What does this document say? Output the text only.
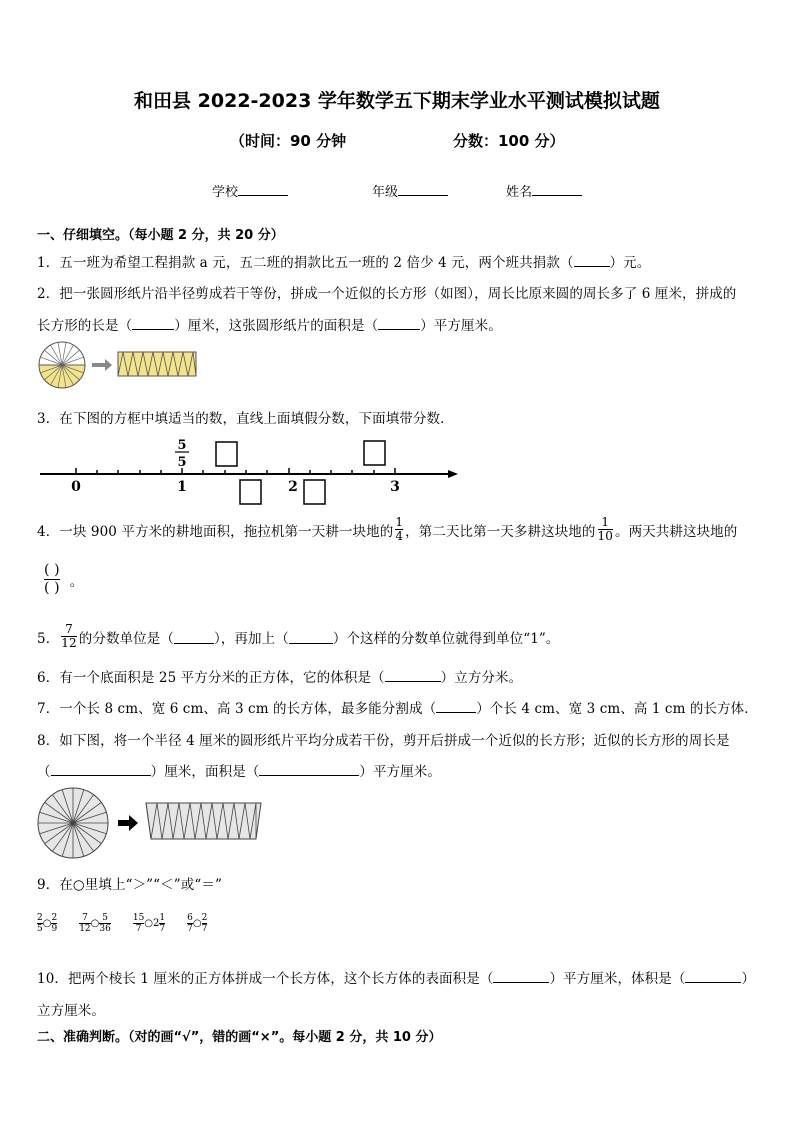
和田县 2022-2023 学年数学五下期末学业水平测试模拟试题
（时间：90 分钟	分数：100 分）
学校	年级	姓名
一、仔细填空。（每小题 2 分，共 20 分）
1．五一班为希望工程捐款 a 元，五二班的捐款比五一班的 2 倍少 4 元，两个班共捐款（	）元。
2．把一张圆形纸片沿半径剪成若干等份，拼成一个近似的长方形（如图），周长比原来圆的周长多了 6 厘米，拼成的
长方形的长是（	）厘米，这张圆形纸片的面积是（	）平方厘米。
3．在下图的方框中填适当的数，直线上面填假分数，下面填带分数．
0	1	2	3
5
5
4．一块 900 平方米的耕地面积，拖拉机第一天耕一块地的 $\frac{1}{4}$ ，第二天比第一天多耕这块地的 $\frac{1}{10}$ 。两天共耕这块地的
$\frac{( )}{( )}$ 。
5． $\frac{7}{12}$ 的分数单位是（	），再加上（	）个这样的分数单位就得到单位“1”。
6．有一个底面积是 25 平方分米的正方体，它的体积是（	）立方分米。
7．一个长 8 cm、宽 6 cm、高 3 cm 的长方体，最多能分割成（	）个长 4 cm、宽 3 cm、高 1 cm 的长方体．
8．如下图，将一个半径 4 厘米的圆形纸片平均分成若干份，剪开后拼成一个近似的长方形；近似的长方形的周长是
（	）厘米，面积是（	）平方厘米。
9．在○里填上“＞”“＜”或“＝”
2
5 ○ 2
9
7
12 ○ 5
36
15
7 ○ 2 1
7
6
7 ○ 2
7
10．把两个棱长 1 厘米的正方体拼成一个长方体，这个长方体的表面积是（	）平方厘米，体积是（	）
立方厘米。
二、准确判断。（对的画“√”，错的画“×”。每小题 2 分，共 10 分）
